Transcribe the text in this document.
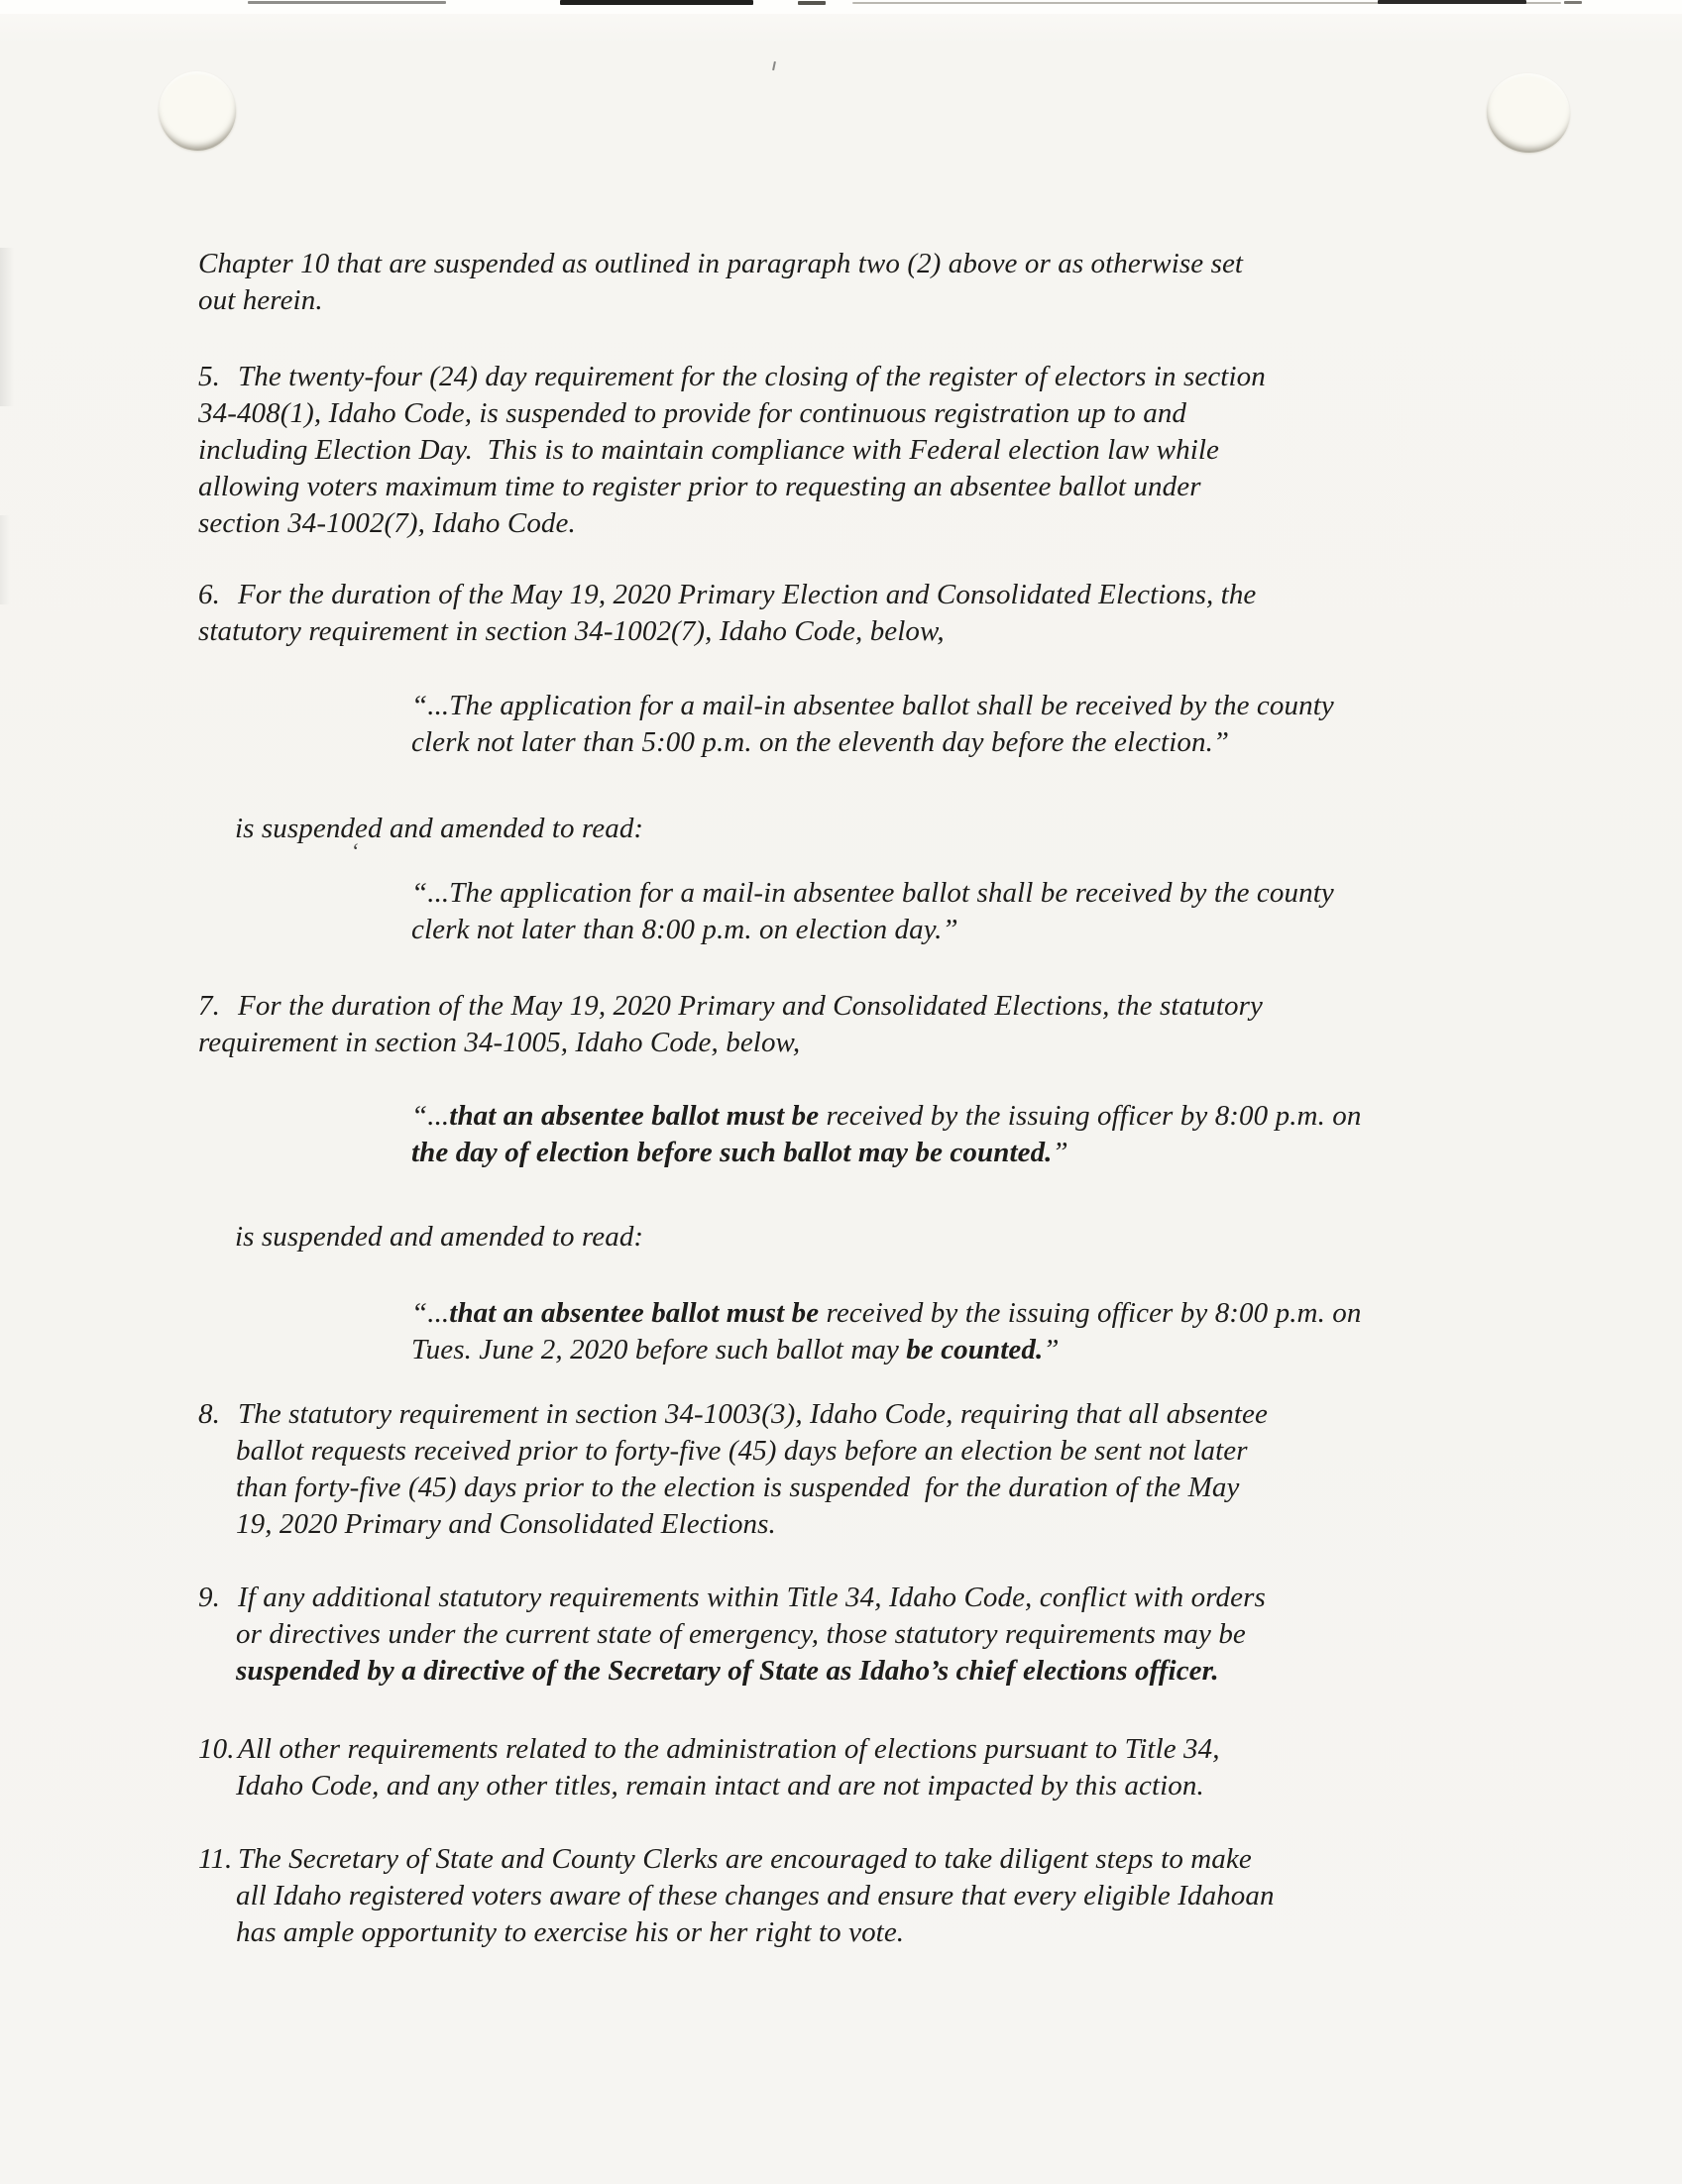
Chapter 10 that are suspended as outlined in paragraph two (2) above or as otherwise set
out herein.
5. The twenty-four (24) day requirement for the closing of the register of electors in section
34-408(1), Idaho Code, is suspended to provide for continuous registration up to and
including Election Day.  This is to maintain compliance with Federal election law while
allowing voters maximum time to register prior to requesting an absentee ballot under
section 34-1002(7), Idaho Code.
6. For the duration of the May 19, 2020 Primary Election and Consolidated Elections, the
statutory requirement in section 34-1002(7), Idaho Code, below,
“...The application for a mail-in absentee ballot shall be received by the county
clerk not later than 5:00 p.m. on the eleventh day before the election.”
is suspended and amended to read:
‘
“...The application for a mail-in absentee ballot shall be received by the county
clerk not later than 8:00 p.m. on election day.”
7. For the duration of the May 19, 2020 Primary and Consolidated Elections, the statutory
requirement in section 34-1005, Idaho Code, below,
“...that an absentee ballot must be received by the issuing officer by 8:00 p.m. on
the day of election before such ballot may be counted.”
is suspended and amended to read:
“...that an absentee ballot must be received by the issuing officer by 8:00 p.m. on
Tues. June 2, 2020 before such ballot may be counted.”
8. The statutory requirement in section 34-1003(3), Idaho Code, requiring that all absentee
ballot requests received prior to forty-five (45) days before an election be sent not later
than forty-five (45) days prior to the election is suspended  for the duration of the May
19, 2020 Primary and Consolidated Elections.
9. If any additional statutory requirements within Title 34, Idaho Code, conflict with orders
or directives under the current state of emergency, those statutory requirements may be
suspended by a directive of the Secretary of State as Idaho’s chief elections officer.
10. All other requirements related to the administration of elections pursuant to Title 34,
Idaho Code, and any other titles, remain intact and are not impacted by this action.
11. The Secretary of State and County Clerks are encouraged to take diligent steps to make
all Idaho registered voters aware of these changes and ensure that every eligible Idahoan
has ample opportunity to exercise his or her right to vote.
